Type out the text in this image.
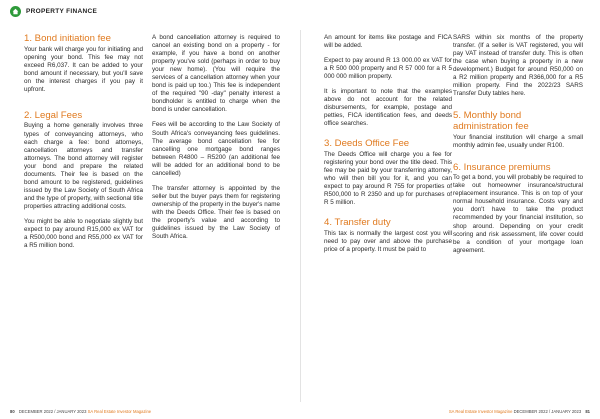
PROPERTY FINANCE
1. Bond initiation fee

Your bank will charge you for initiating and opening your bond. This fee may not exceed R6,037. It can be added to your bond amount if necessary, but you'll save on the interest charges if you pay it upfront.

2. Legal Fees

Buying a home generally involves three types of conveyancing attorneys, who each charge a fee: bond attorneys, cancellation attorneys and transfer attorneys. The bond attorney will register your bond and prepare the related documents. Their fee is based on the bond amount to be registered, guidelines issued by the Law Society of South Africa and the type of property, with sectional title properties attracting additional costs.

You might be able to negotiate slightly but expect to pay around R15,000 ex VAT for a R500,000 bond and R55,000 ex VAT for a R5 million bond.

A bond cancellation attorney is required to cancel an existing bond on a property - for example, if you have a bond on another property you've sold (perhaps in order to buy your new home). (You will require the services of a cancellation attorney when your bond is paid up too.) This fee is independent of the required "90 -day" penalty interest a bondholder is entitled to charge when the bond is under cancellation.

Fees will be according to the Law Society of South Africa's conveyancing fees guidelines. The average bond cancellation fee for cancelling one mortgage bond ranges between R4800 – R5200 (an additional fee will be added for an additional bond to be cancelled)

The transfer attorney is appointed by the seller but the buyer pays them for registering ownership of the property in the buyer's name with the Deeds Office. Their fee is based on the property's value and according to guidelines issued by the Law Society of South Africa.

An amount for items like postage and FICA will be added.

Expect to pay around R 13 000.00 ex VAT for a R 500 000 property and R 57 000 for a R 5 000 000 million property.

It is important to note that the examples above do not account for the related disbursements, for example, postage and petties, FICA identification fees, and deeds office searches.

3. Deeds Office Fee

The Deeds Office will charge you a fee for registering your bond over the title deed. This fee may be paid by your transferring attorney, who will then bill you for it, and you can expect to pay around R 755 for properties of R500,000 to R 2350 and up for purchases of R 5 million.

4. Transfer duty

This tax is normally the largest cost you will need to pay over and above the purchase price of a property. It must be paid to

SARS within six months of the property transfer. (If a seller is VAT registered, you will pay VAT instead of transfer duty. This is often the case when buying a property in a new development.) Budget for around R50,000 on a R2 million property and R366,000 for a R5 million property. Find the 2022/23 SARS Transfer Duty tables here.

5. Monthly bond administration fee

Your financial institution will charge a small monthly admin fee, usually under R100.

6. Insurance premiums

To get a bond, you will probably be required to take out homeowner insurance/structural replacement insurance. This is on top of your normal household insurance. Costs vary and you don't have to take the product recommended by your financial institution, so shop around. Depending on your credit scoring and risk assessment, life cover could be a condition of your mortgage loan agreement.

80 DECEMBER 2022 / JANUARY 2023 SA Real Estate Investor Magazine	SA Real Estate Investor Magazine DECEMBER 2022 / JANUARY 2023 81
